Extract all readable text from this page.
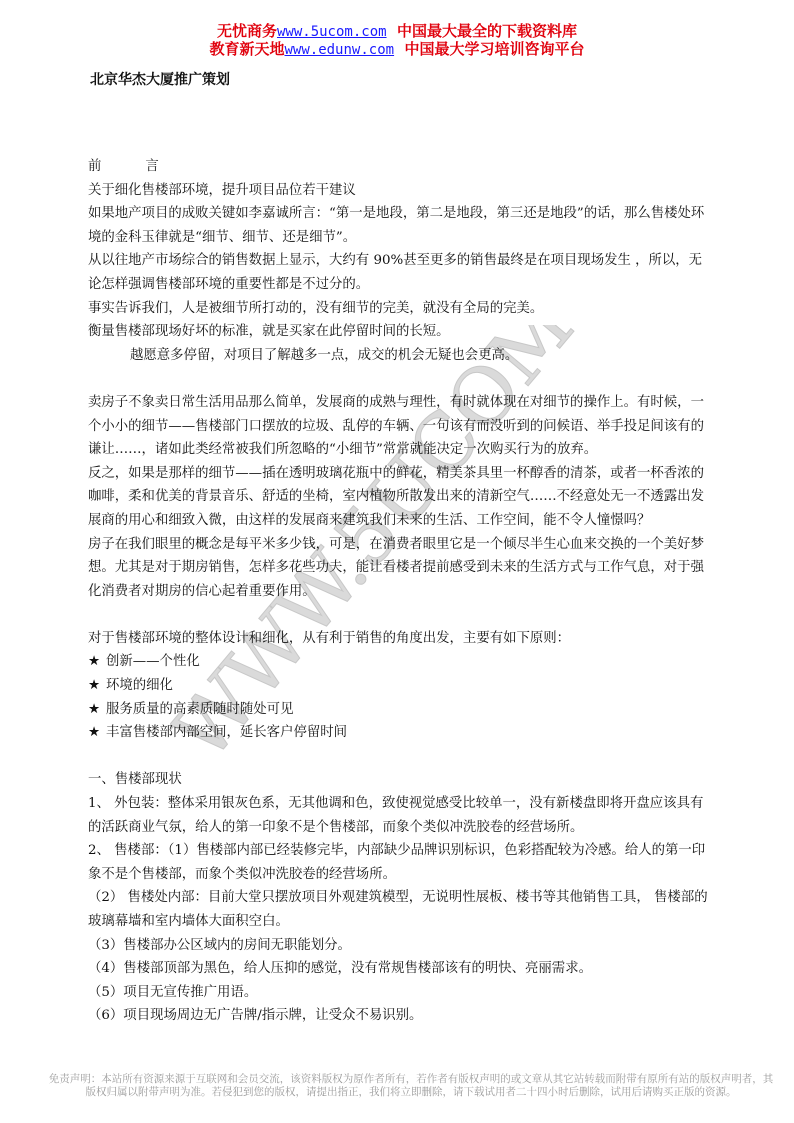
无忧商务www.5ucom.com 中国最大最全的下载资料库
教育新天地www.edunw.com 中国最大学习培训咨询平台
北京华杰大厦推广策划
WWW.5UCOM.COM
前	言
关于细化售楼部环境，提升项目品位若干建议
如果地产项目的成败关键如李嘉诚所言：“第一是地段，第二是地段，第三还是地段”的话，那么售楼处环境的金科玉律就是“细节、细节、还是细节”。
从以往地产市场综合的销售数据上显示，大约有 90%甚至更多的销售最终是在项目现场发生 ，所以，无论怎样强调售楼部环境的重要性都是不过分的。
事实告诉我们，人是被细节所打动的，没有细节的完美，就没有全局的完美。
衡量售楼部现场好坏的标准，就是买家在此停留时间的长短。
越愿意多停留，对项目了解越多一点，成交的机会无疑也会更高。
卖房子不象卖日常生活用品那么简单，发展商的成熟与理性，有时就体现在对细节的操作上。有时候，一个小小的细节——售楼部门口摆放的垃圾、乱停的车辆、一句该有而没听到的问候语、举手投足间该有的谦让……，诸如此类经常被我们所忽略的“小细节”常常就能决定一次购买行为的放弃。
反之，如果是那样的细节——插在透明玻璃花瓶中的鲜花，精美茶具里一杯醇香的清茶，或者一杯香浓的咖啡，柔和优美的背景音乐、舒适的坐椅，室内植物所散发出来的清新空气……不经意处无一不透露出发展商的用心和细致入微，由这样的发展商来建筑我们未来的生活、工作空间，能不令人憧憬吗？
房子在我们眼里的概念是每平米多少钱，可是，在消费者眼里它是一个倾尽半生心血来交换的一个美好梦想。尤其是对于期房销售，怎样多花些功夫，能让看楼者提前感受到未来的生活方式与工作气息，对于强化消费者对期房的信心起着重要作用。
对于售楼部环境的整体设计和细化，从有利于销售的角度出发，主要有如下原则：
★ 创新——个性化
★ 环境的细化
★ 服务质量的高素质随时随处可见
★ 丰富售楼部内部空间，延长客户停留时间
一、售楼部现状
1、 外包装：整体采用银灰色系，无其他调和色，致使视觉感受比较单一，没有新楼盘即将开盘应该具有的活跃商业气氛，给人的第一印象不是个售楼部，而象个类似冲洗胶卷的经营场所。
2、 售楼部：（1）售楼部内部已经装修完毕，内部缺少品牌识别标识，色彩搭配较为冷感。给人的第一印象不是个售楼部，而象个类似冲洗胶卷的经营场所。
（2） 售楼处内部：目前大堂只摆放项目外观建筑模型，无说明性展板、楼书等其他销售工具， 售楼部的玻璃幕墙和室内墙体大面积空白。
（3）售楼部办公区域内的房间无职能划分。
（4）售楼部顶部为黑色，给人压抑的感觉，没有常规售楼部该有的明快、亮丽需求。
（5）项目无宣传推广用语。
（6）项目现场周边无广告牌/指示牌，让受众不易识别。
免责声明：本站所有资源来源于互联网和会员交流，该资料版权为原作者所有，若作者有版权声明的或文章从其它站转载而附带有原所有站的版权声明者，其版权归属以附带声明为准。若侵犯到您的版权，请提出指正，我们将立即删除，请下载试用者二十四小时后删除，试用后请购买正版的资源。
